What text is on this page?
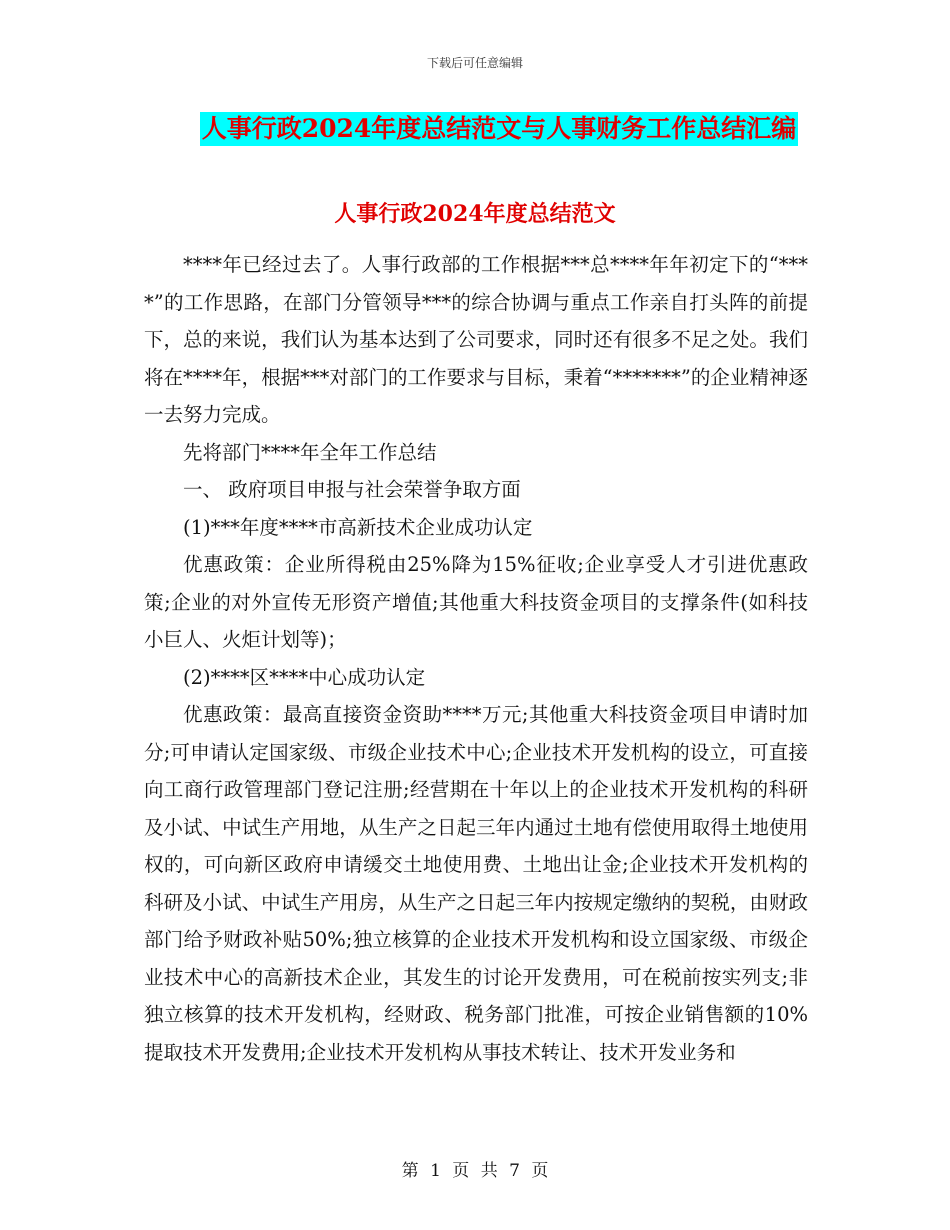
下载后可任意编辑
人事行政2024年度总结范文与人事财务工作总结汇编
人事行政2024年度总结范文

****年已经过去了。人事行政部的工作根据***总****年年初定下的“****”的工作思路，在部门分管领导***的综合协调与重点工作亲自打头阵的前提下，总的来说，我们认为基本达到了公司要求，同时还有很多不足之处。我们将在****年，根据***对部门的工作要求与目标，秉着“*******”的企业精神逐一去努力完成。

先将部门****年全年工作总结

一、 政府项目申报与社会荣誉争取方面

(1)***年度****市高新技术企业成功认定

优惠政策：企业所得税由25%降为15%征收;企业享受人才引进优惠政策;企业的对外宣传无形资产增值;其他重大科技资金项目的支撑条件(如科技小巨人、火炬计划等)；

(2)****区****中心成功认定

优惠政策：最高直接资金资助****万元;其他重大科技资金项目申请时加分;可申请认定国家级、市级企业技术中心;企业技术开发机构的设立，可直接向工商行政管理部门登记注册;经营期在十年以上的企业技术开发机构的科研及小试、中试生产用地，从生产之日起三年内通过土地有偿使用取得土地使用权的，可向新区政府申请缓交土地使用费、土地出让金;企业技术开发机构的科研及小试、中试生产用房，从生产之日起三年内按规定缴纳的契税，由财政部门给予财政补贴50%;独立核算的企业技术开发机构和设立国家级、市级企业技术中心的高新技术企业，其发生的讨论开发费用，可在税前按实列支;非独立核算的技术开发机构，经财政、税务部门批准，可按企业销售额的10%提取技术开发费用;企业技术开发机构从事技术转让、技术开发业务和

第 1 页 共 7 页
